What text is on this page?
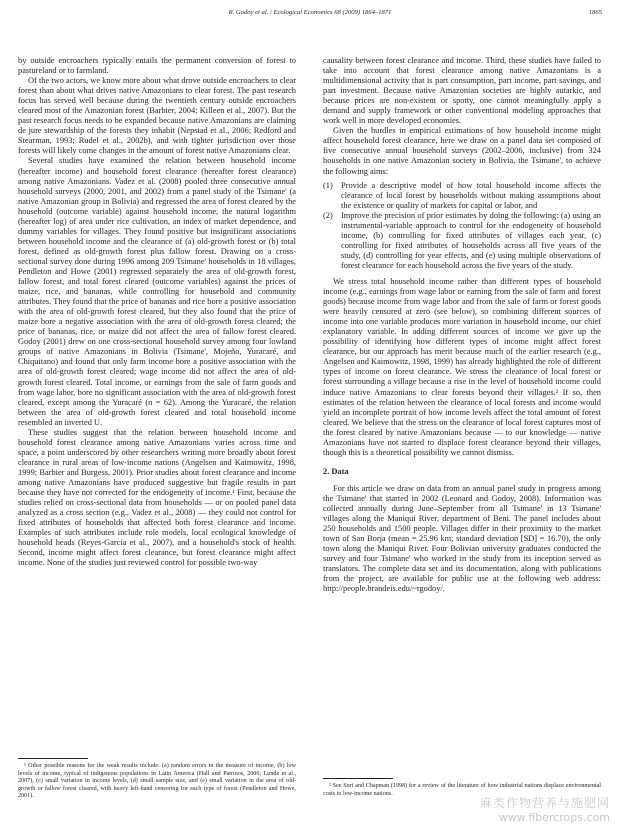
R. Godoy et al. / Ecological Economics 68 (2009) 1864–1871	1865

by outside encroachers typically entails the permanent conversion of forest to pastureland or to farmland.

Of the two actors, we know more about what drove outside encroachers to clear forest than about what drives native Amazonians to clear forest. The past research focus has served well because during the twentieth century outside encroachers cleared most of the Amazonian forest (Barbier, 2004; Killeen et al., 2007). But the past research focus needs to be expanded because native Amazonians are claiming de jure stewardship of the forests they inhabit (Nepstad et al., 2006; Redford and Stearman, 1993; Rudel et al., 2002b), and with tighter jurisdiction over those forests will likely come changes in the amount of forest native Amazonians clear.

Several studies have examined the relation between household income (hereafter income) and household forest clearance (hereafter forest clearance) among native Amazonians. Vadez et al. (2008) pooled three consecutive annual household surveys (2000, 2001, and 2002) from a panel study of the Tsimane' (a native Amazonian group in Bolivia) and regressed the area of forest cleared by the household (outcome variable) against household income, the natural logarithm (hereafter log) of area under rice cultivation, an index of market dependence, and dummy variables for villages. They found positive but insignificant associations between household income and the clearance of (a) old-growth forest or (b) total forest, defined as old-growth forest plus fallow forest. Drawing on a cross-sectional survey done during 1996 among 209 Tsimane' households in 18 villages, Pendleton and Howe (2001) regressed separately the area of old-growth forest, fallow forest, and total forest cleared (outcome variables) against the prices of maize, rice, and bananas, while controlling for household and community attributes. They found that the price of bananas and rice bore a positive association with the area of old-growth forest cleared, but they also found that the price of maize bore a negative association with the area of old-growth forest cleared; the price of bananas, rice, or maize did not affect the area of fallow forest cleared. Godoy (2001) drew on one cross-sectional household survey among four lowland groups of native Amazonians in Bolivia (Tsimane', Mojeño, Yuracaré, and Chiquitano) and found that only farm income bore a positive association with the area of old-growth forest cleared; wage income did not affect the area of old-growth forest cleared. Total income, or earnings from the sale of farm goods and from wage labor, bore no significant association with the area of old-growth forest cleared, except among the Yuracaré (n = 62). Among the Yuracaré, the relation between the area of old-growth forest cleared and total household income resembled an inverted U.

These studies suggest that the relation between household income and household forest clearance among native Amazonians varies across time and space, a point underscored by other researchers writing more broadly about forest clearance in rural areas of low-income nations (Angelsen and Kaimowitz, 1998, 1999; Barbier and Burgess, 2001). Prior studies about forest clearance and income among native Amazonians have produced suggestive but fragile results in part because they have not corrected for the endogeneity of income.¹ First, because the studies relied on cross-sectional data from households — or on pooled panel data analyzed as a cross section (e.g., Vadez et al., 2008) — they could not control for fixed attributes of households that affected both forest clearance and income. Examples of such attributes include role models, local ecological knowledge of household heads (Reyes-García et al., 2007), and a household's stock of health. Second, income might affect forest clearance, but forest clearance might affect income. None of the studies just reviewed control for possible two-way

¹ Other possible reasons for the weak results include: (a) random errors in the measure of income, (b) low levels of income, typical of indigenous populations in Latin America (Hall and Patrinos, 2006; Lunde et al., 2007), (c) small variation in income levels, (d) small sample size, and (e) small variation in the area of old-growth or fallow forest cleared, with heavy left-hand censoring for each type of forest (Pendleton and Howe, 2001).

causality between forest clearance and income. Third, these studies have failed to take into account that forest clearance among native Amazonians is a multidimensional activity that is part consumption, part income, part savings, and part investment. Because native Amazonian societies are highly autarkic, and because prices are non-existent or spotty, one cannot meaningfully apply a demand and supply framework or other conventional modeling approaches that work well in more developed economies.

Given the hurdles in empirical estimations of how household income might affect household forest clearance, here we draw on a panel data set composed of five consecutive annual household surveys (2002–2006, inclusive) from 324 households in one native Amazonian society in Bolivia, the Tsimane', to achieve the following aims:

(1) Provide a descriptive model of how total household income affects the clearance of local forest by households without making assumptions about the existence or quality of markets for capital or labor, and
(2) Improve the precision of prior estimates by doing the following: (a) using an instrumental-variable approach to control for the endogeneity of household income, (b) controlling for fixed attributes of villages each year, (c) controlling for fixed attributes of households across all five years of the study, (d) controlling for year effects, and (e) using multiple observations of forest clearance for each household across the five years of the study.

We stress total household income rather than different types of household income (e.g., earnings from wage labor or earning from the sale of farm and forest goods) because income from wage labor and from the sale of farm or forest goods were heavily censored at zero (see below), so combining different sources of income into one variable produces more variation in household income, our chief explanatory variable. In adding different sources of income we give up the possibility of identifying how different types of income might affect forest clearance, but our approach has merit because much of the earlier research (e.g., Angelsen and Kaimowitz, 1998, 1999) has already highlighted the role of different types of income on forest clearance. We stress the clearance of local forest or forest surrounding a village because a rise in the level of household income could induce native Amazonians to clear forests beyond their villages.² If so, then estimates of the relation between the clearance of local forests and income would yield an incomplete portrait of how income levels affect the total amount of forest cleared. We believe that the stress on the clearance of local forest captures most of the forest cleared by native Amazonians because — to our knowledge — native Amazonians have not started to displace forest clearance beyond their villages, though this is a theoretical possibility we cannot dismiss.

2. Data

For this article we draw on data from an annual panel study in progress among the Tsimane' that started in 2002 (Leonard and Godoy, 2008). Information was collected annually during June–September from all Tsimane' in 13 Tsimane' villages along the Maniqui River, department of Beni. The panel includes about 250 households and 1500 people. Villages differ in their proximity to the market town of San Borja (mean = 25.96 km; standard deviation [SD] = 16.70), the only town along the Maniqui River. Four Bolivian university graduates conducted the survey and four Tsimane' who worked in the study from its inception served as translators. The complete data set and its documentation, along with publications from the project, are available for public use at the following web address: http://people.brandeis.edu/~rgodoy/.

² See Suri and Chapman (1998) for a review of the literature of how industrial nations displace environmental costs to low-income nations.

麻类作物营养与施肥网
www.fibercrops.com
